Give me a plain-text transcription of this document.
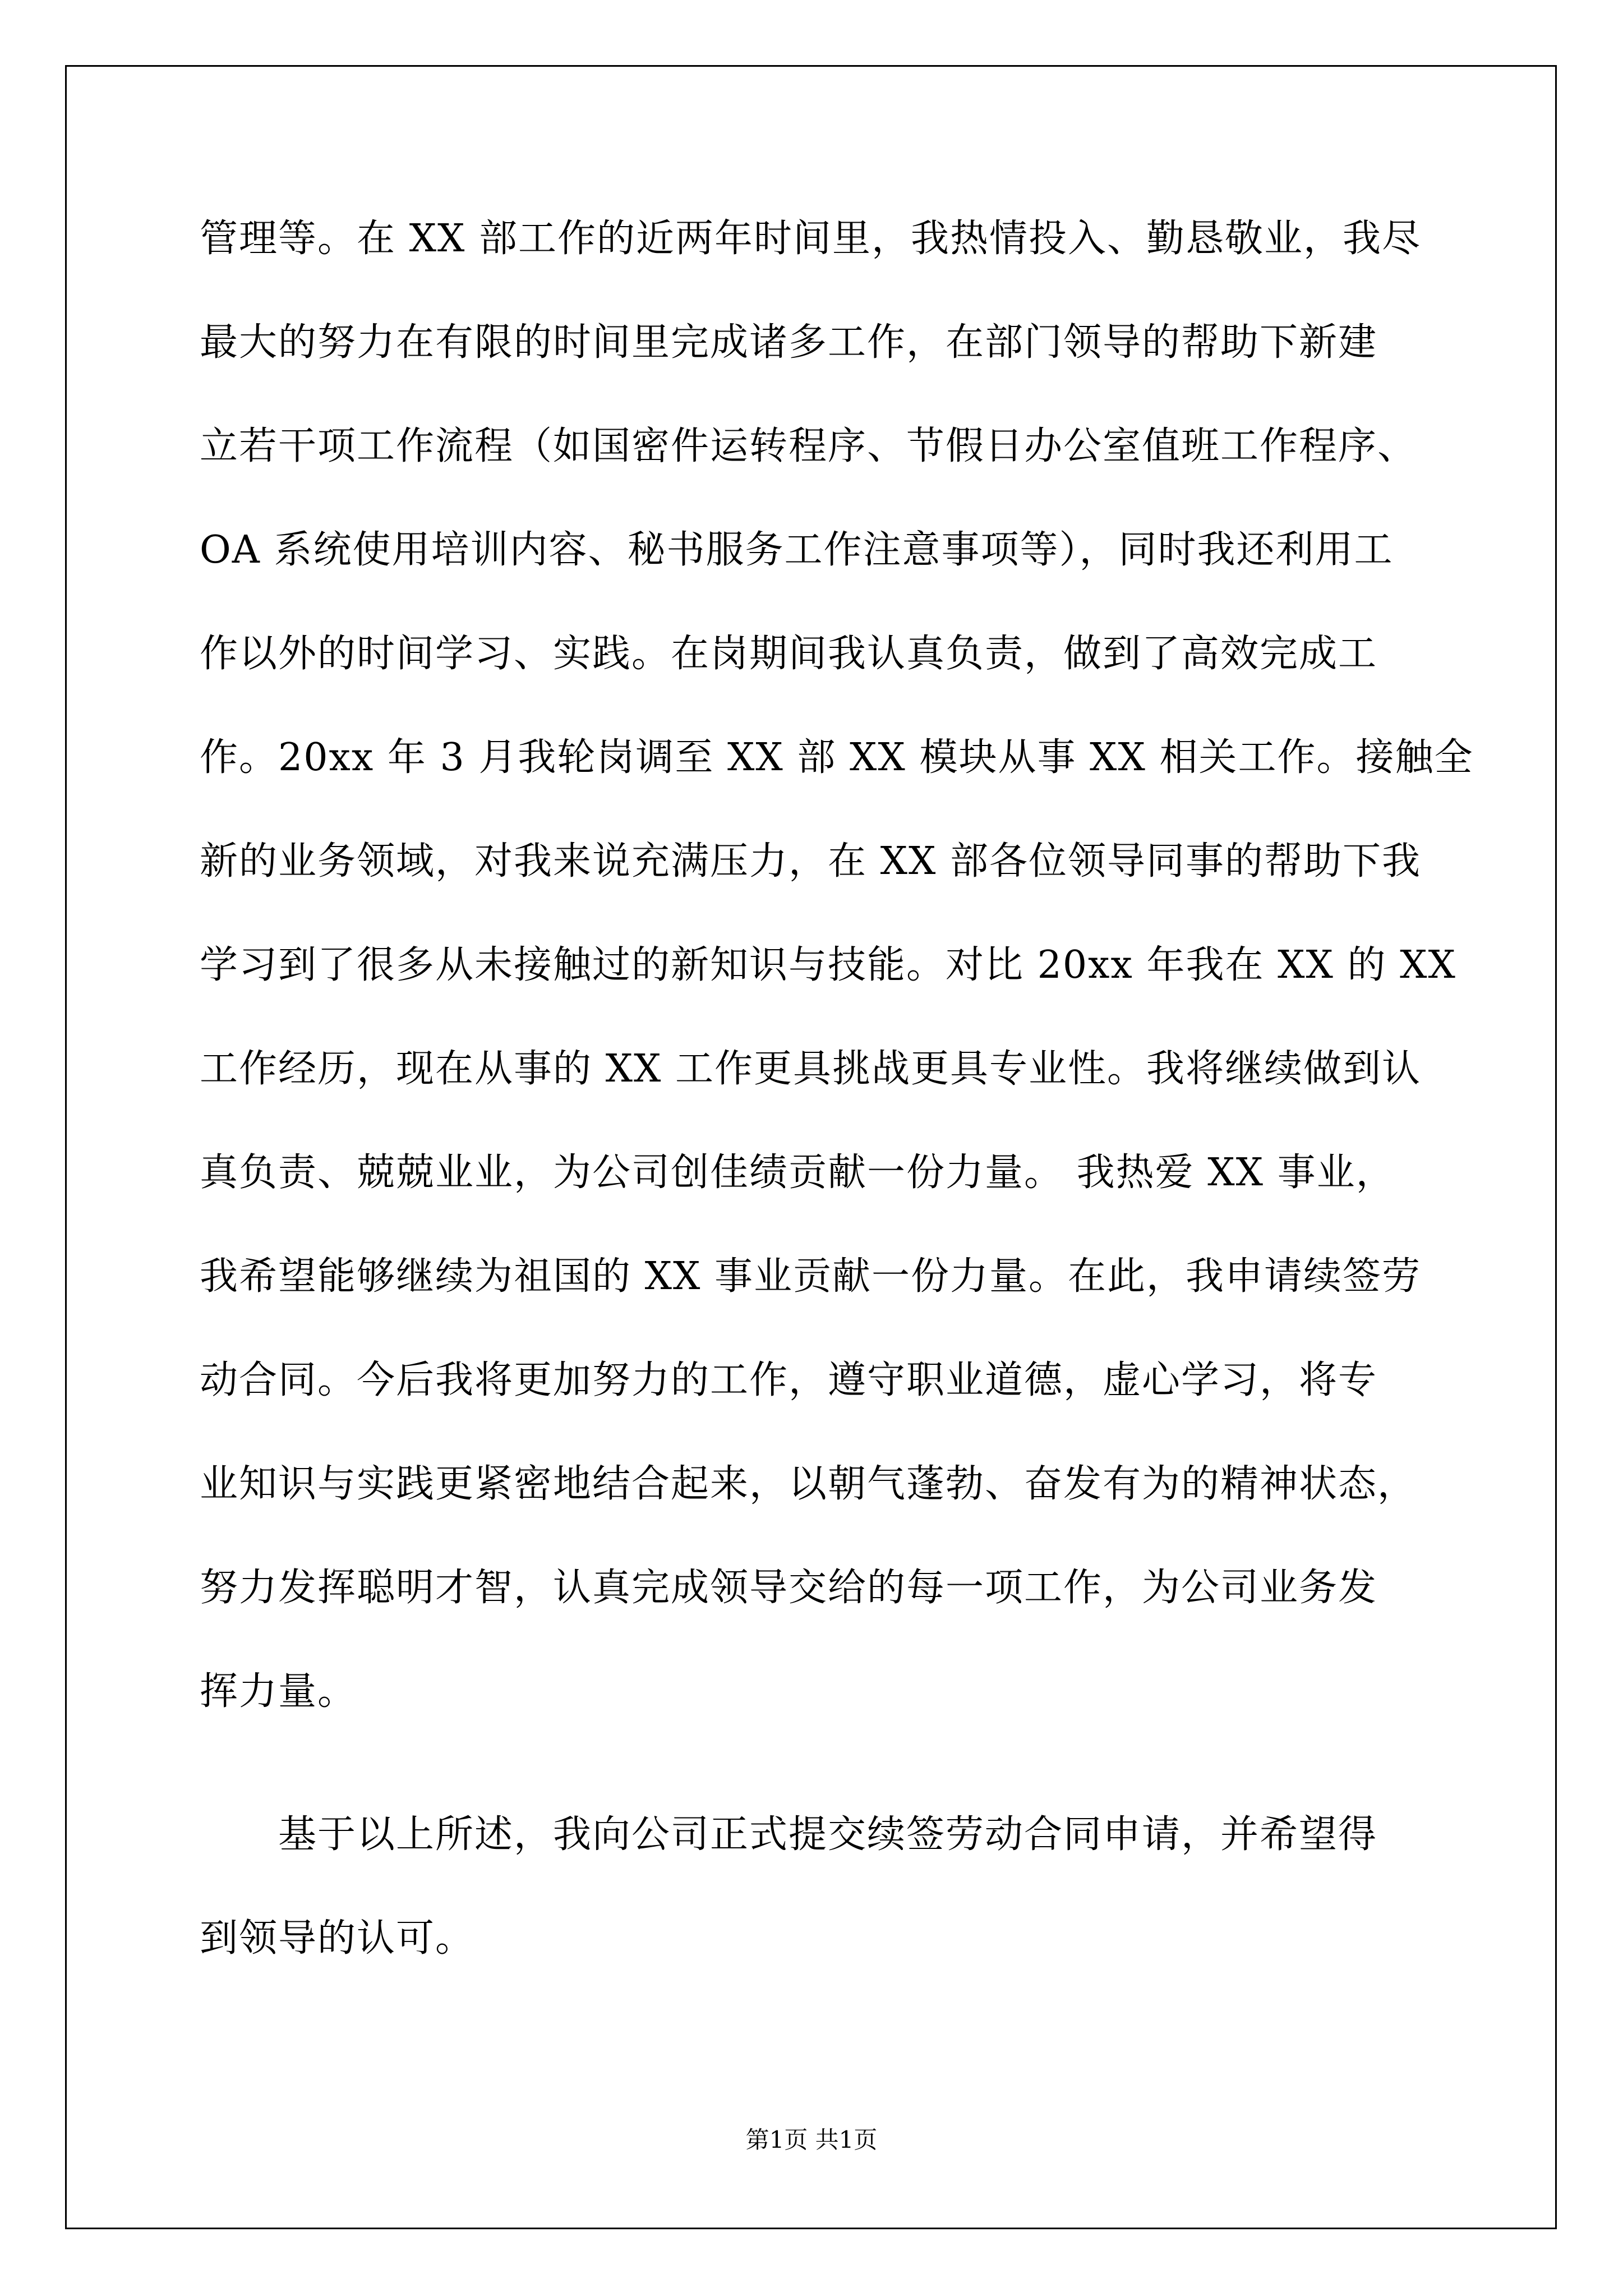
管理等。在 XX 部工作的近两年时间里，我热情投入、勤恳敬业，我尽
最大的努力在有限的时间里完成诸多工作，在部门领导的帮助下新建
立若干项工作流程（如国密件运转程序、节假日办公室值班工作程序、
OA 系统使用培训内容、秘书服务工作注意事项等），同时我还利用工
作以外的时间学习、实践。在岗期间我认真负责，做到了高效完成工
作。20xx 年 3 月我轮岗调至 XX 部 XX 模块从事 XX 相关工作。接触全
新的业务领域，对我来说充满压力，在 XX 部各位领导同事的帮助下我
学习到了很多从未接触过的新知识与技能。对比 20xx 年我在 XX 的 XX
工作经历，现在从事的 XX 工作更具挑战更具专业性。我将继续做到认
真负责、兢兢业业，为公司创佳绩贡献一份力量。 我热爱 XX 事业，
我希望能够继续为祖国的 XX 事业贡献一份力量。在此，我申请续签劳
动合同。今后我将更加努力的工作，遵守职业道德，虚心学习，将专
业知识与实践更紧密地结合起来，以朝气蓬勃、奋发有为的精神状态，
努力发挥聪明才智，认真完成领导交给的每一项工作，为公司业务发
挥力量。
基于以上所述，我向公司正式提交续签劳动合同申请，并希望得
到领导的认可。
第1页 共1页
